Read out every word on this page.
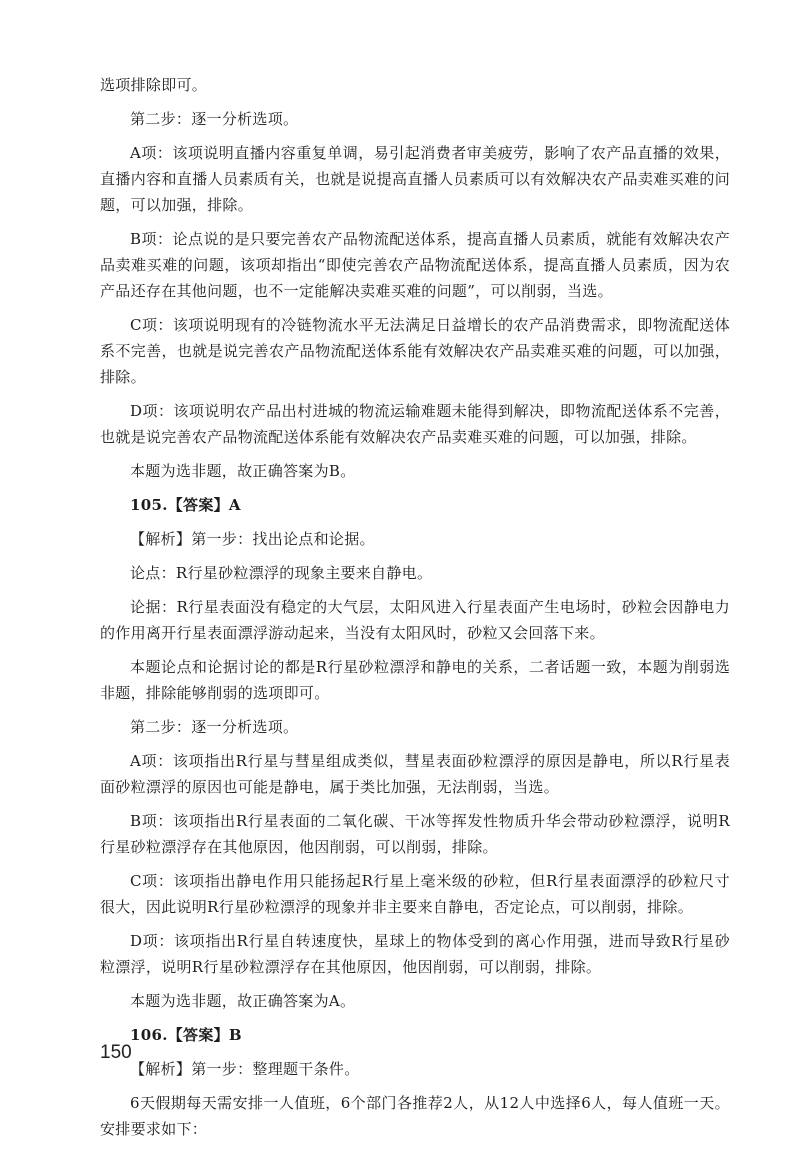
选项排除即可。

第二步：逐一分析选项。

A项：该项说明直播内容重复单调，易引起消费者审美疲劳，影响了农产品直播的效果，直播内容和直播人员素质有关，也就是说提高直播人员素质可以有效解决农产品卖难买难的问题，可以加强，排除。

B项：论点说的是只要完善农产品物流配送体系，提高直播人员素质，就能有效解决农产品卖难买难的问题，该项却指出“即使完善农产品物流配送体系，提高直播人员素质，因为农产品还存在其他问题，也不一定能解决卖难买难的问题”，可以削弱，当选。

C项：该项说明现有的冷链物流水平无法满足日益增长的农产品消费需求，即物流配送体系不完善，也就是说完善农产品物流配送体系能有效解决农产品卖难买难的问题，可以加强，排除。

D项：该项说明农产品出村进城的物流运输难题未能得到解决，即物流配送体系不完善，也就是说完善农产品物流配送体系能有效解决农产品卖难买难的问题，可以加强，排除。

本题为选非题，故正确答案为B。

105.【答案】A

【解析】第一步：找出论点和论据。

论点：R行星砂粒漂浮的现象主要来自静电。

论据：R行星表面没有稳定的大气层，太阳风进入行星表面产生电场时，砂粒会因静电力的作用离开行星表面漂浮游动起来，当没有太阳风时，砂粒又会回落下来。

本题论点和论据讨论的都是R行星砂粒漂浮和静电的关系，二者话题一致，本题为削弱选非题，排除能够削弱的选项即可。

第二步：逐一分析选项。

A项：该项指出R行星与彗星组成类似，彗星表面砂粒漂浮的原因是静电，所以R行星表面砂粒漂浮的原因也可能是静电，属于类比加强，无法削弱，当选。

B项：该项指出R行星表面的二氧化碳、干冰等挥发性物质升华会带动砂粒漂浮，说明R行星砂粒漂浮存在其他原因，他因削弱，可以削弱，排除。

C项：该项指出静电作用只能扬起R行星上毫米级的砂粒，但R行星表面漂浮的砂粒尺寸很大，因此说明R行星砂粒漂浮的现象并非主要来自静电，否定论点，可以削弱，排除。

D项：该项指出R行星自转速度快，星球上的物体受到的离心作用强，进而导致R行星砂粒漂浮，说明R行星砂粒漂浮存在其他原因，他因削弱，可以削弱，排除。

本题为选非题，故正确答案为A。

106.【答案】B

【解析】第一步：整理题干条件。

6天假期每天需安排一人值班，6个部门各推荐2人，从12人中选择6人，每人值班一天。安排要求如下：

150
